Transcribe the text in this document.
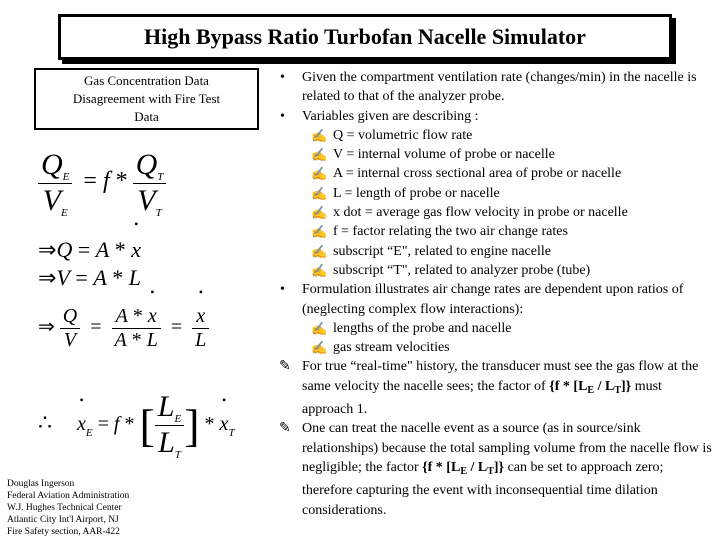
High Bypass Ratio Turbofan Nacelle Simulator
Gas Concentration Data
Disagreement with Fire Test
Data
$\frac{Q_E}{V_E} = f * \frac{Q_T}{V_T}$
⇒Q = A * • x
⇒V = A * L
⇒ $\frac{Q}{V} = \frac{A * • x}{A * L}$ = • $\frac{x}{L}$
∴ • $x_E = f$ * [ $\frac{L_E}{L_T}$ ] * • $x_T$
Douglas Ingerson
Federal Aviation Administration
W.J. Hughes Technical Center
Atlantic City Int'l Airport, NJ
Fire Safety section, AAR-422
• Given the compartment ventilation rate (changes/min) in the nacelle is related to that of the analyzer probe.
• Variables given are describing :
✍ Q = volumetric flow rate
✍ V = internal volume of probe or nacelle
✍ A = internal cross sectional area of probe or nacelle
✍ L = length of probe or nacelle
✍ x dot = average gas flow velocity in probe or nacelle
✍ f = factor relating the two air change rates
✍ subscript “E", related to engine nacelle
✍ subscript “T", related to analyzer probe (tube)
• Formulation illustrates air change rates are dependent upon ratios of (neglecting complex flow interactions):
✍ lengths of the probe and nacelle
✍ gas stream velocities
✎ For true “real-time" history, the transducer must see the gas flow at the same velocity the nacelle sees; the factor of $\{f * [L_E / L_T]\}$ must approach 1.
✎ One can treat the nacelle event as a source (as in source/sink relationships) because the total sampling volume from the nacelle flow is negligible; the factor $\{f * [L_E / L_T]\}$ can be set to approach zero; therefore capturing the event with inconsequential time dilation considerations.
